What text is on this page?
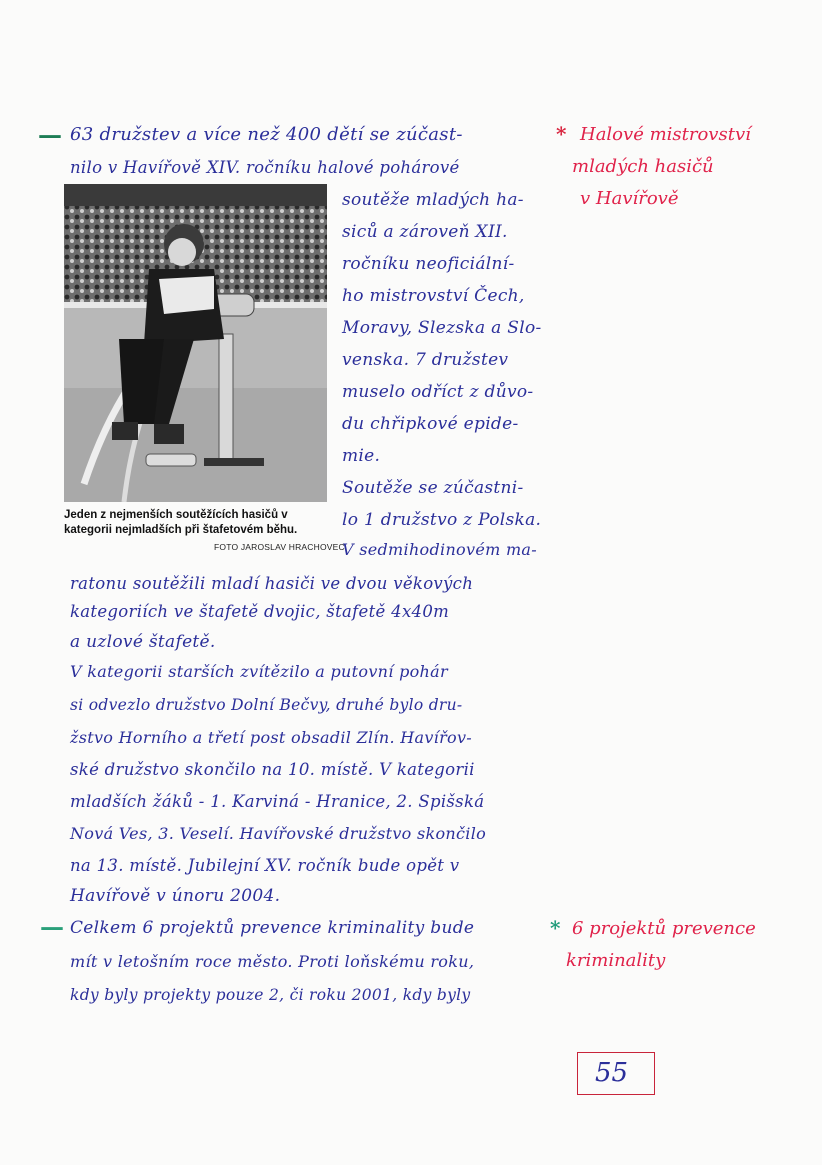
—
—
63 družstev a více než 400 dětí se zúčast-
nilo v Havířově XIV. ročníku halové pohárové
soutěže mladých ha-
siců a zároveň XII.
ročníku neoficiální-
ho mistrovství Čech,
Moravy, Slezska a Slo-
venska. 7 družstev
muselo odříct z důvo-
du chřipkové epide-
mie.
Soutěže se zúčastni-
lo 1 družstvo z Polska.
V sedmihodinovém ma-
ratonu soutěžili mladí hasiči ve dvou věkových
kategoriích ve štafetě dvojic, štafetě 4x40m
a uzlové štafetě.
V kategorii starších zvítězilo a putovní pohár
si odvezlo družstvo Dolní Bečvy, druhé bylo dru-
žstvo Horního a třetí post obsadil Zlín. Havířov-
ské družstvo skončilo na 10. místě. V kategorii
mladších žáků - 1. Karviná - Hranice, 2. Spišská
Nová Ves, 3. Veselí. Havířovské družstvo skončilo
na 13. místě. Jubilejní XV. ročník bude opět v
Havířově v únoru 2004.
Celkem 6 projektů prevence kriminality bude
mít v letošním roce město. Proti loňskému roku,
kdy byly projekty pouze 2, či roku 2001, kdy byly
* Halové mistrovství
mladých hasičů
v Havířově
* 6 projektů prevence
kriminality
Jeden z nejmenších soutěžících hasičů v kategorii nejmladších při štafetovém běhu.
FOTO JAROSLAV HRACHOVEC
55
